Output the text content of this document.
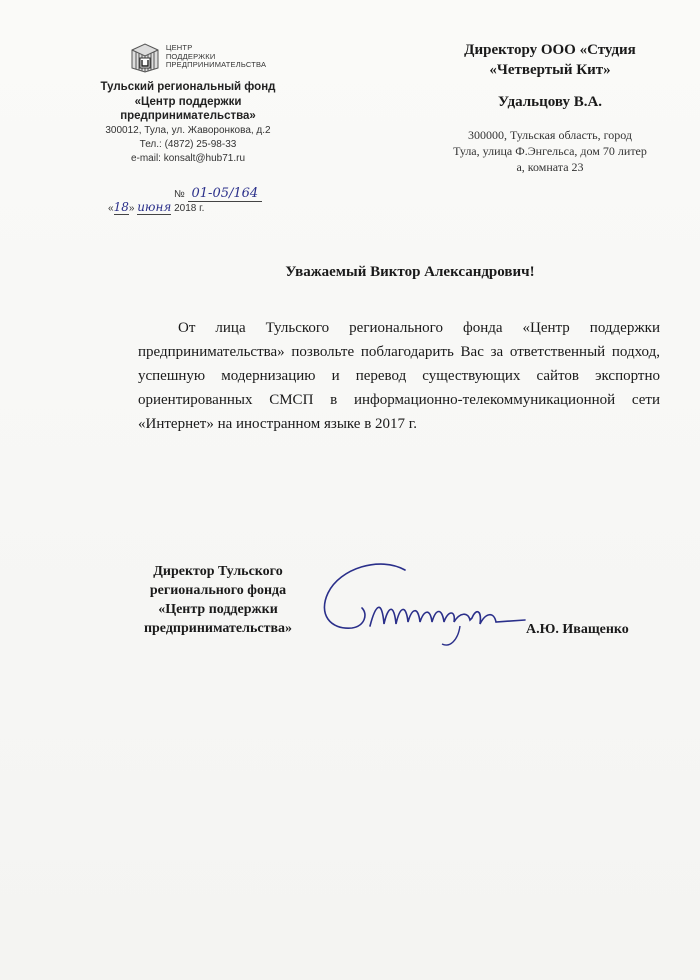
ЦЕНТР
ПОДДЕРЖКИ
ПРЕДПРИНИМАТЕЛЬСТВА
Тульский региональный фонд
«Центр поддержки
предпринимательства»
300012, Тула, ул. Жаворонкова, д.2
Тел.: (4872) 25-98-33
e-mail: konsalt@hub71.ru
№ 01-05/164
«18» июня 2018 г.
Директору ООО «Студия
«Четвертый Кит»
Удальцову В.А.
300000, Тульская область, город
Тула, улица Ф.Энгельса, дом 70 литер
а, комната 23
Уважаемый Виктор Александрович!
От лица Тульского регионального фонда «Центр поддержки предпринимательства» позвольте поблагодарить Вас за ответственный подход, успешную модернизацию и перевод существующих сайтов экспортно ориентированных СМСП в информационно-телекоммуникационной сети «Интернет» на иностранном языке в 2017 г.
Директор Тульского
регионального фонда
«Центр поддержки
предпринимательства»	А.Ю. Иващенко
